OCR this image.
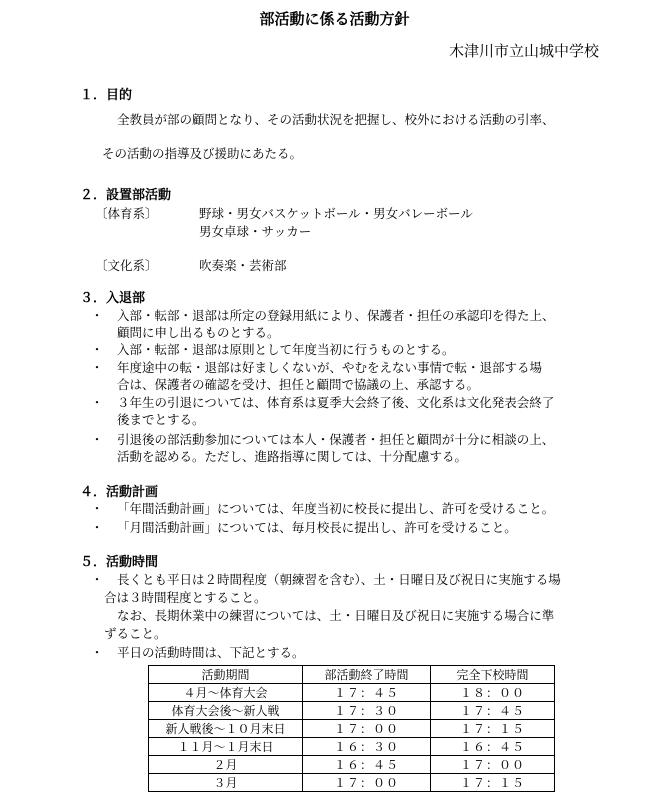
部活動に係る活動方針
木津川市立山城中学校
１．目的
全教員が部の顧問となり、その活動状況を把握し、校外における活動の引率、
その活動の指導及び援助にあたる。
２．設置部活動
〔体育系〕	野球・男女バスケットボール・男女バレーボール
男女卓球・サッカー
〔文化系〕	吹奏楽・芸術部
３．入退部
・ 入部・転部・退部は所定の登録用紙により、保護者・担任の承認印を得た上、
顧問に申し出るものとする。
・ 入部・転部・退部は原則として年度当初に行うものとする。
・ 年度途中の転・退部は好ましくないが、やむをえない事情で転・退部する場
合は、保護者の確認を受け、担任と顧問で協議の上、承認する。
・ ３年生の引退については、体育系は夏季大会終了後、文化系は文化発表会終了
後までとする。
・ 引退後の部活動参加については本人・保護者・担任と顧問が十分に相談の上、
活動を認める。ただし、進路指導に関しては、十分配慮する。
４．活動計画
・ 「年間活動計画」については、年度当初に校長に提出し、許可を受けること。
・ 「月間活動計画」については、毎月校長に提出し、許可を受けること。
５．活動時間
・ 長くとも平日は２時間程度（朝練習を含む）、土・日曜日及び祝日に実施する場
合は３時間程度とすること。
なお、長期休業中の練習については、土・日曜日及び祝日に実施する場合に準
ずること。
・ 平日の活動時間は、下記とする。
活動期間	部活動終了時間	完全下校時間
４月～体育大会	１７：４５	１８：００
体育大会後～新人戦	１７：３０	１７：４５
新人戦後～１０月末日	１７：００	１７：１５
１１月～１月末日	１６：３０	１６：４５
２月	１６：４５	１７：００
３月	１７：００	１７：１５
